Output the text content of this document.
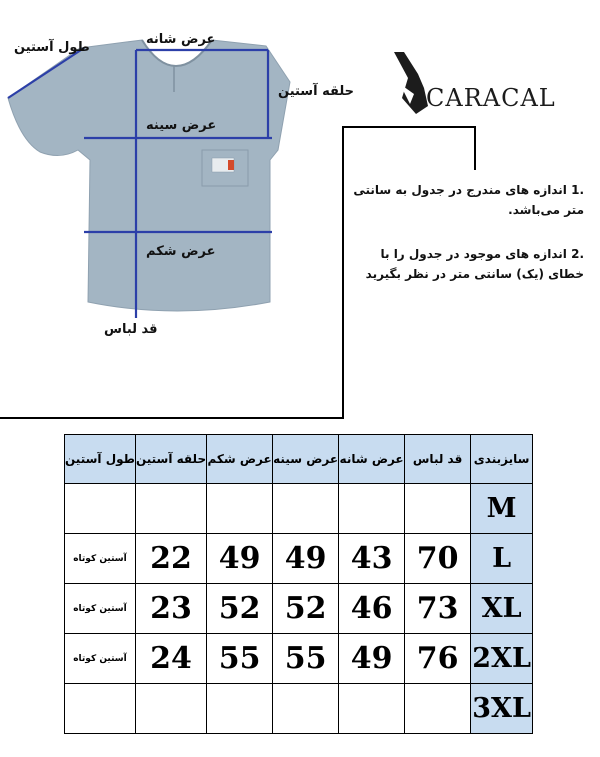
طول آستین
عرض شانه
حلقه آستین
عرض سینه
عرض شکم
قد لباس
CARACAL
.1 اندازه های مندرج در جدول به سانتی متر می‌باشد.
.2 اندازه های موجود در جدول را با خطای (یک) سانتی متر در نظر بگیرید
طول آستین	حلقه آستین	عرض شکم	عرض سینه	عرض شانه	قد لباس	سایزبندی
						M
آستین کوتاه	22	49	49	43	70	L
آستین کوتاه	23	52	52	46	73	XL
آستین کوتاه	24	55	55	49	76	2XL
						3XL
